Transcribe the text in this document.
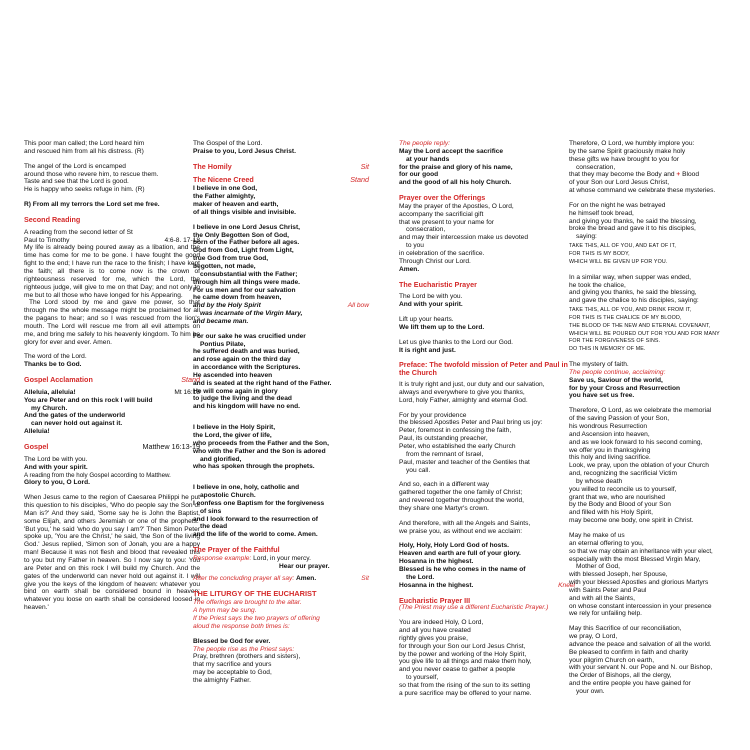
This poor man called; the Lord heard him
and rescued him from all his distress. (R)
The angel of the Lord is encamped
around those who revere him, to rescue them.
Taste and see that the Lord is good.
He is happy who seeks refuge in him. (R)
R) From all my terrors the Lord set me free.
Second Reading
A reading from the second letter of St Paul to Timothy	4:6-8. 17-18
My life is already being poured away as a libation, and the time has come for me to be gone. I have fought the good fight to the end; I have run the race to the finish; I have kept the faith; all there is to come now is the crown of righteousness reserved for me, which the Lord, the righteous judge, will give to me on that Day; and not only to me but to all those who have longed for his Appearing.
The Lord stood by me and gave me power, so that through me the whole message might be proclaimed for all the pagans to hear; and so I was rescued from the lion's mouth. The Lord will rescue me from all evil attempts on me, and bring me safely to his heavenly kingdom. To him be glory for ever and ever. Amen.
The word of the Lord.
Thanks be to God.
Gospel Acclamation	Stand
Alleluia, alleluia!	Mt 16:18
You are Peter and on this rock I will build
my Church.
And the gates of the underworld
can never hold out against it.
Alleluia!
Gospel	Matthew 16:13-19
The Lord be with you.
And with your spirit.
A reading from the holy Gospel according to Matthew.
Glory to you, O Lord.
When Jesus came to the region of Caesarea Philippi he put this question to his disciples, 'Who do people say the Son of Man is?' And they said, 'Some say he is John the Baptist, some Elijah, and others Jeremiah or one of the prophets.' 'But you,' he said 'who do you say I am?' Then Simon Peter spoke up, 'You are the Christ,' he said, 'the Son of the living God.' Jesus replied, 'Simon son of Jonah, you are a happy man! Because it was not flesh and blood that revealed this to you but my Father in heaven. So I now say to you: You are Peter and on this rock I will build my Church. And the gates of the underworld can never hold out against it. I will give you the keys of the kingdom of heaven: whatever you bind on earth shall be considered bound in heaven; whatever you loose on earth shall be considered loosed in heaven.'
The Gospel of the Lord.
Praise to you, Lord Jesus Christ.
The Homily	Sit
The Nicene Creed	Stand
I believe in one God,
the Father almighty,
maker of heaven and earth,
of all things visible and invisible.
I believe in one Lord Jesus Christ,
the Only Begotten Son of God,
born of the Father before all ages.
God from God, Light from Light,
true God from true God,
begotten, not made,
consubstantial with the Father;
through him all things were made.
For us men and for our salvation
he came down from heaven,
and by the Holy Spirit	All bow
was incarnate of the Virgin Mary,
and became man.
For our sake he was crucified under
Pontius Pilate,
he suffered death and was buried,
and rose again on the third day
in accordance with the Scriptures.
He ascended into heaven
and is seated at the right hand of the Father.
He will come again in glory
to judge the living and the dead
and his kingdom will have no end.
I believe in the Holy Spirit,
the Lord, the giver of life,
who proceeds from the Father and the Son,
who with the Father and the Son is adored
and glorified,
who has spoken through the prophets.
I believe in one, holy, catholic and
apostolic Church.
I confess one Baptism for the forgiveness
of sins
and I look forward to the resurrection of
the dead
and the life of the world to come. Amen.
The Prayer of the Faithful
Response example: Lord, in your mercy.
Hear our prayer.
After the concluding prayer all say: Amen.	Sit
THE LITURGY OF THE EUCHARIST
The offerings are brought to the altar.
A hymn may be sung.
If the Priest says the two prayers of offering
aloud the response both times is:
Blessed be God for ever.
The people rise as the Priest says:
Pray, brethren (brothers and sisters),
that my sacrifice and yours
may be acceptable to God,
the almighty Father.
The people reply:
May the Lord accept the sacrifice
at your hands
for the praise and glory of his name,
for our good
and the good of all his holy Church.
Prayer over the Offerings
May the prayer of the Apostles, O Lord,
accompany the sacrificial gift
that we present to your name for
consecration,
and may their intercession make us devoted
to you
in celebration of the sacrifice.
Through Christ our Lord.
Amen.
The Eucharistic Prayer
The Lord be with you.
And with your spirit.
Lift up your hearts.
We lift them up to the Lord.
Let us give thanks to the Lord our God.
It is right and just.
Preface: The twofold mission of Peter and Paul in the Church
It is truly right and just, our duty and our salvation,
always and everywhere to give you thanks,
Lord, holy Father, almighty and eternal God.
For by your providence
the blessed Apostles Peter and Paul bring us joy:
Peter, foremost in confessing the faith,
Paul, its outstanding preacher,
Peter, who established the early Church
from the remnant of Israel,
Paul, master and teacher of the Gentiles that
you call.
And so, each in a different way
gathered together the one family of Christ;
and revered together throughout the world,
they share one Martyr's crown.
And therefore, with all the Angels and Saints,
we praise you, as without end we acclaim:
Holy, Holy, Holy Lord God of hosts.
Heaven and earth are full of your glory.
Hosanna in the highest.
Blessed is he who comes in the name of
the Lord.
Hosanna in the highest.	Kneel
Eucharistic Prayer III
(The Priest may use a different Eucharistic Prayer.)
You are indeed Holy, O Lord,
and all you have created
rightly gives you praise,
for through your Son our Lord Jesus Christ,
by the power and working of the Holy Spirit,
you give life to all things and make them holy,
and you never cease to gather a people
to yourself,
so that from the rising of the sun to its setting
a pure sacrifice may be offered to your name.
Therefore, O Lord, we humbly implore you:
by the same Spirit graciously make holy
these gifts we have brought to you for
consecration,
that they may become the Body and + Blood
of your Son our Lord Jesus Christ,
at whose command we celebrate these mysteries.
For on the night he was betrayed
he himself took bread,
and giving you thanks, he said the blessing,
broke the bread and gave it to his disciples,
saying:
TAKE THIS, ALL OF YOU, AND EAT OF IT,
FOR THIS IS MY BODY,
WHICH WILL BE GIVEN UP FOR YOU.
In a similar way, when supper was ended,
he took the chalice,
and giving you thanks, he said the blessing,
and gave the chalice to his disciples, saying:
TAKE THIS, ALL OF YOU, AND DRINK FROM IT,
FOR THIS IS THE CHALICE OF MY BLOOD,
THE BLOOD OF THE NEW AND ETERNAL COVENANT,
WHICH WILL BE POURED OUT FOR YOU AND FOR MANY
FOR THE FORGIVENESS OF SINS.
DO THIS IN MEMORY OF ME.
The mystery of faith.
The people continue, acclaiming:
Save us, Saviour of the world,
for by your Cross and Resurrection
you have set us free.
Therefore, O Lord, as we celebrate the memorial
of the saving Passion of your Son,
his wondrous Resurrection
and Ascension into heaven,
and as we look forward to his second coming,
we offer you in thanksgiving
this holy and living sacrifice.
Look, we pray, upon the oblation of your Church
and, recognizing the sacrificial Victim
by whose death
you willed to reconcile us to yourself,
grant that we, who are nourished
by the Body and Blood of your Son
and filled with his Holy Spirit,
may become one body, one spirit in Christ.
May he make of us
an eternal offering to you,
so that we may obtain an inheritance with your elect,
especially with the most Blessed Virgin Mary,
Mother of God,
with blessed Joseph, her Spouse,
with your blessed Apostles and glorious Martyrs
with Saints Peter and Paul
and with all the Saints,
on whose constant intercession in your presence
we rely for unfailing help.
May this Sacrifice of our reconciliation,
we pray, O Lord,
advance the peace and salvation of all the world.
Be pleased to confirm in faith and charity
your pilgrim Church on earth,
with your servant N. our Pope and N. our Bishop,
the Order of Bishops, all the clergy,
and the entire people you have gained for
your own.
